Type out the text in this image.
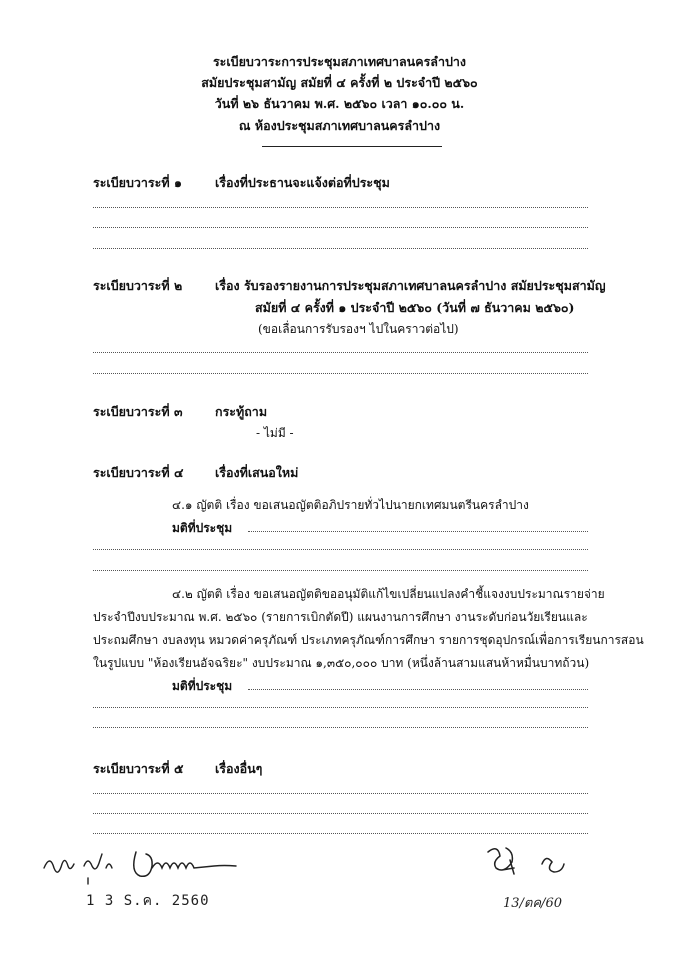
ระเบียบวาระการประชุมสภาเทศบาลนครลำปาง
สมัยประชุมสามัญ สมัยที่ ๔ ครั้งที่ ๒ ประจำปี ๒๕๖๐
วันที่ ๒๖ ธันวาคม พ.ศ. ๒๕๖๐ เวลา ๑๐.๐๐ น.
ณ ห้องประชุมสภาเทศบาลนครลำปาง
ระเบียบวาระที่ ๑	เรื่องที่ประธานจะแจ้งต่อที่ประชุม
ระเบียบวาระที่ ๒	เรื่อง รับรองรายงานการประชุมสภาเทศบาลนครลำปาง สมัยประชุมสามัญ
สมัยที่ ๔ ครั้งที่ ๑ ประจำปี ๒๕๖๐ (วันที่ ๗ ธันวาคม ๒๕๖๐)
(ขอเลื่อนการรับรองฯ ไปในคราวต่อไป)
ระเบียบวาระที่ ๓	กระทู้ถาม
- ไม่มี -
ระเบียบวาระที่ ๔	เรื่องที่เสนอใหม่
๔.๑ ญัตติ เรื่อง ขอเสนอญัตติอภิปรายทั่วไปนายกเทศมนตรีนครลำปาง
มติที่ประชุม
๔.๒ ญัตติ เรื่อง ขอเสนอญัตติขออนุมัติแก้ไขเปลี่ยนแปลงคำชี้แจงงบประมาณรายจ่าย
ประจำปีงบประมาณ พ.ศ. ๒๕๖๐ (รายการเบิกตัดปี) แผนงานการศึกษา งานระดับก่อนวัยเรียนและ
ประถมศึกษา งบลงทุน หมวดค่าครุภัณฑ์ ประเภทครุภัณฑ์การศึกษา รายการชุดอุปกรณ์เพื่อการเรียนการสอน
ในรูปแบบ "ห้องเรียนอัจฉริยะ" งบประมาณ ๑,๓๕๐,๐๐๐ บาท (หนึ่งล้านสามแสนห้าหมื่นบาทถ้วน)
มติที่ประชุม
ระเบียบวาระที่ ๕	เรื่องอื่นๆ
1 3 S.ค. 2560	13/ตค/60
